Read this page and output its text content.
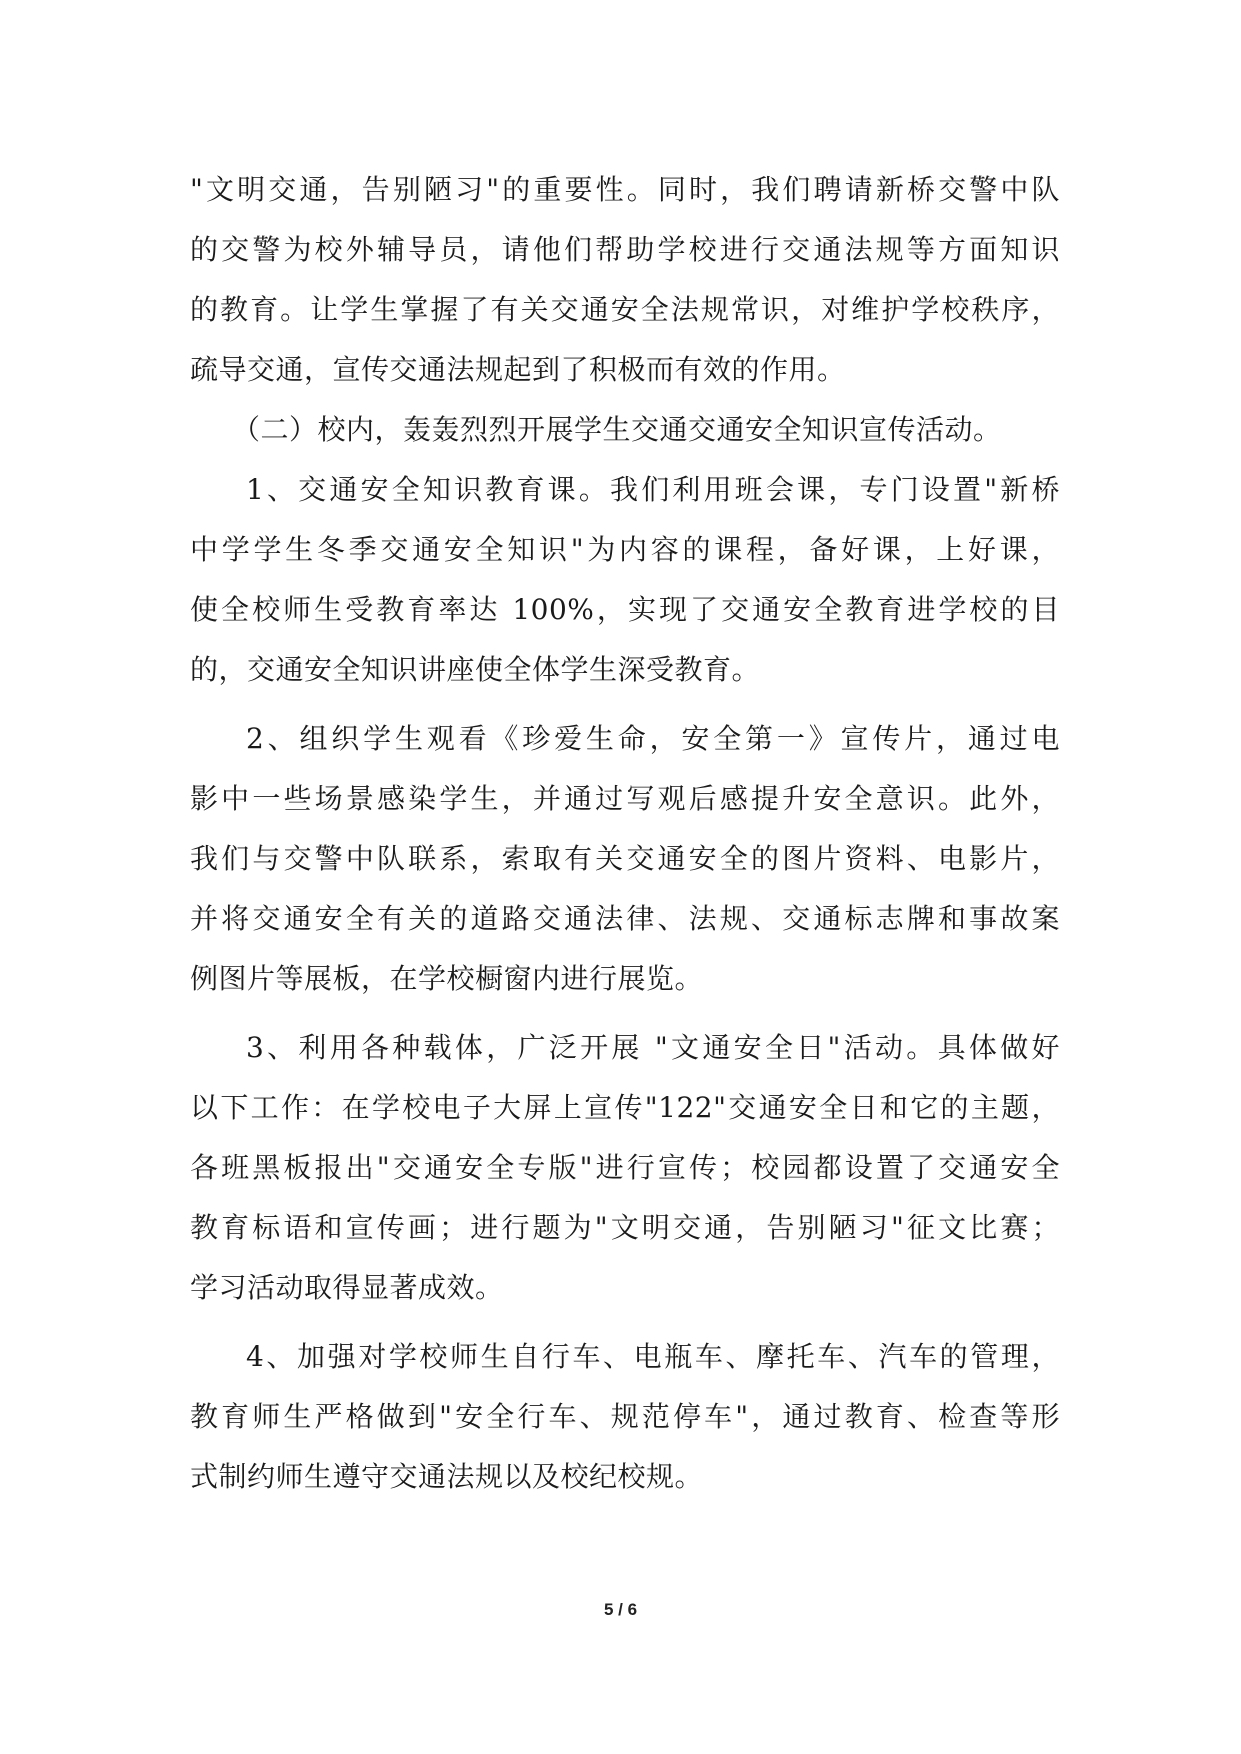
"文明交通，告别陋习"的重要性。同时，我们聘请新桥交警中队
的交警为校外辅导员，请他们帮助学校进行交通法规等方面知识
的教育。让学生掌握了有关交通安全法规常识，对维护学校秩序，
疏导交通，宣传交通法规起到了积极而有效的作用。
（二）校内，轰轰烈烈开展学生交通交通安全知识宣传活动。
1、交通安全知识教育课。我们利用班会课，专门设置"新桥
中学学生冬季交通安全知识"为内容的课程，备好课，上好课，
使全校师生受教育率达 100%，实现了交通安全教育进学校的目
的，交通安全知识讲座使全体学生深受教育。
2、组织学生观看《珍爱生命，安全第一》宣传片，通过电
影中一些场景感染学生，并通过写观后感提升安全意识。此外，
我们与交警中队联系，索取有关交通安全的图片资料、电影片，
并将交通安全有关的道路交通法律、法规、交通标志牌和事故案
例图片等展板，在学校橱窗内进行展览。
3、利用各种载体，广泛开展 "文通安全日"活动。具体做好
以下工作：在学校电子大屏上宣传"122"交通安全日和它的主题，
各班黑板报出"交通安全专版"进行宣传；校园都设置了交通安全
教育标语和宣传画；进行题为"文明交通，告别陋习"征文比赛；
学习活动取得显著成效。
4、加强对学校师生自行车、电瓶车、摩托车、汽车的管理，
教育师生严格做到"安全行车、规范停车"，通过教育、检查等形
式制约师生遵守交通法规以及校纪校规。
5 / 6
